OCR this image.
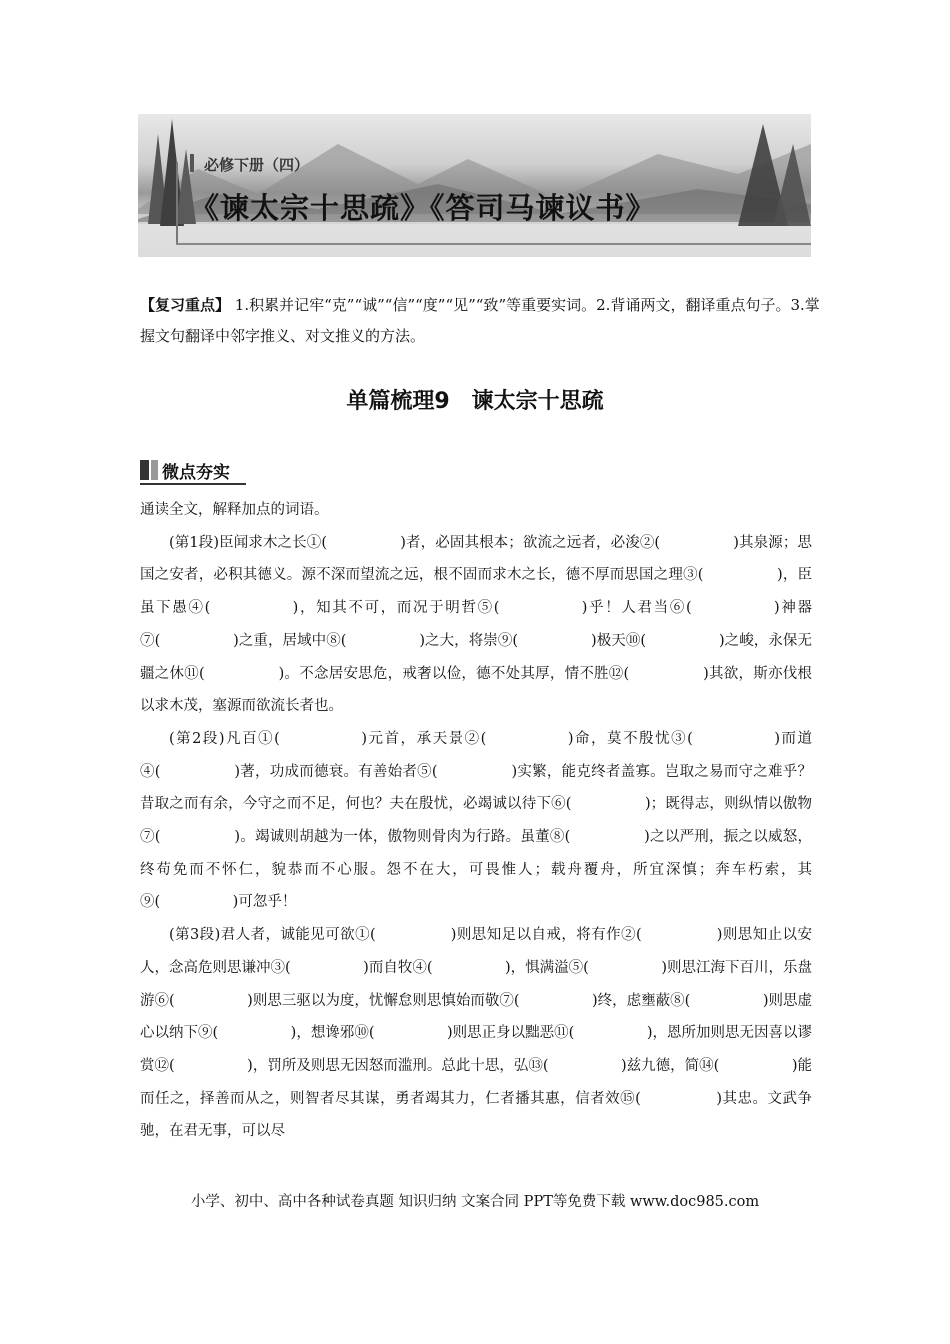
必修下册（四）
《谏太宗十思疏》《答司马谏议书》
【复习重点】 1.积累并记牢“克”“诚”“信”“度”“见”“致”等重要实词。2.背诵两文，翻译重点句子。3.掌握文句翻译中邻字推义、对文推义的方法。
单篇梳理9　谏太宗十思疏
微点夯实

通读全文，解释加点的词语。

(第1段)臣闻求木之长①(　　　　　)者，必固其根本；欲流之远者，必浚②(　　　　　)其泉源；思国之安者，必积其德义。源不深而望流之远，根不固而求木之长，德不厚而思国之理③(　　　　　)，臣虽下愚④(　　　　　)，知其不可，而况于明哲⑤(　　　　　)乎！人君当⑥(　　　　　)神器⑦(　　　　　)之重，居域中⑧(　　　　　)之大，将崇⑨(　　　　　)极天⑩(　　　　　)之峻，永保无疆之休⑪(　　　　　)。不念居安思危，戒奢以俭，德不处其厚，情不胜⑫(　　　　　)其欲，斯亦伐根以求木茂，塞源而欲流长者也。

(第2段)凡百①(　　　　　)元首，承天景②(　　　　　)命，莫不殷忧③(　　　　　)而道④(　　　　　)著，功成而德衰。有善始者⑤(　　　　　)实繁，能克终者盖寡。岂取之易而守之难乎？昔取之而有余，今守之而不足，何也？夫在殷忧，必竭诚以待下⑥(　　　　　)；既得志，则纵情以傲物⑦(　　　　　)。竭诚则胡越为一体，傲物则骨肉为行路。虽董⑧(　　　　　)之以严刑，振之以威怒，终苟免而不怀仁，貌恭而不心服。怨不在大，可畏惟人；载舟覆舟，所宜深慎；奔车朽索，其⑨(　　　　　)可忽乎！

(第3段)君人者，诚能见可欲①(　　　　　)则思知足以自戒，将有作②(　　　　　)则思知止以安人，念高危则思谦冲③(　　　　　)而自牧④(　　　　　)，惧满溢⑤(　　　　　)则思江海下百川，乐盘游⑥(　　　　　)则思三驱以为度，忧懈怠则思慎始而敬⑦(　　　　　)终，虑壅蔽⑧(　　　　　)则思虚心以纳下⑨(　　　　　)，想谗邪⑩(　　　　　)则思正身以黜恶⑪(　　　　　)，恩所加则思无因喜以谬赏⑫(　　　　　)，罚所及则思无因怒而滥刑。总此十思，弘⑬(　　　　　)兹九德，简⑭(　　　　　)能而任之，择善而从之，则智者尽其谋，勇者竭其力，仁者播其惠，信者效⑮(　　　　　)其忠。文武争驰，在君无事，可以尽

小学、初中、高中各种试卷真题 知识归纳 文案合同 PPT等免费下载 www.doc985.com
